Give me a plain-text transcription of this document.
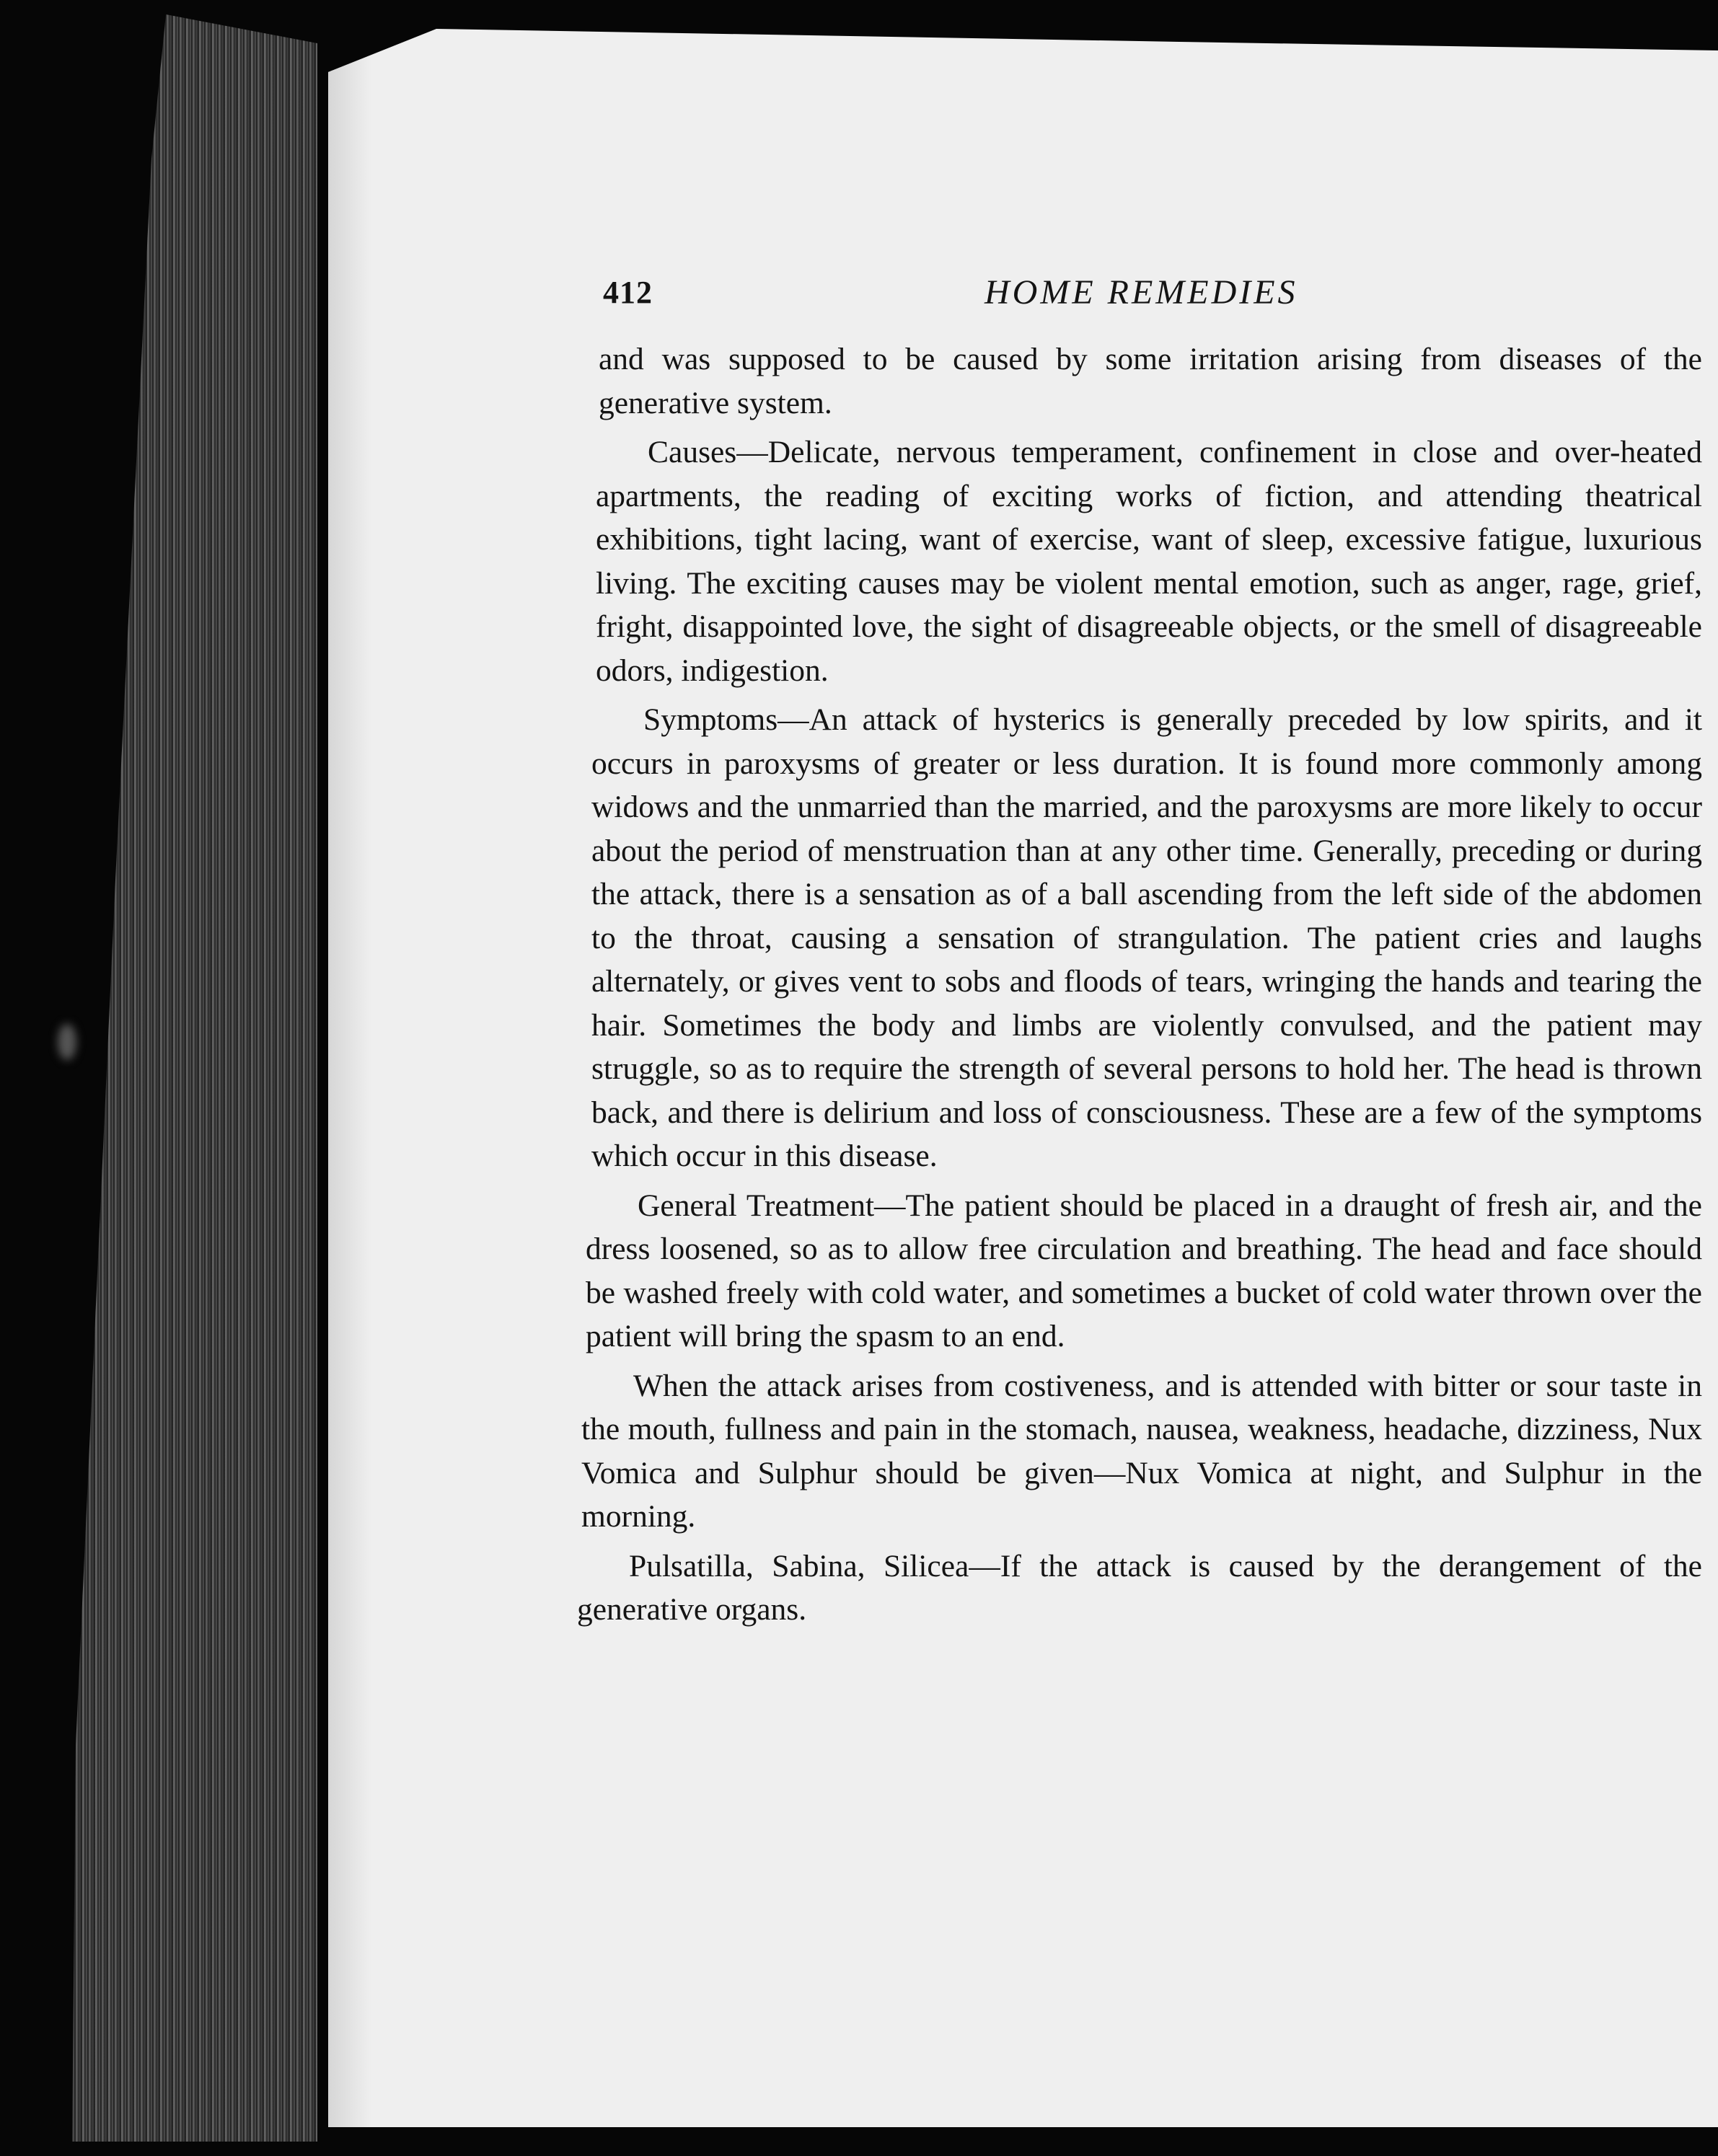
412	HOME REMEDIES

and was supposed to be caused by some irritation arising from diseases of the generative system.

Causes—Delicate, nervous temperament, confinement in close and over-heated apartments, the reading of exciting works of fiction, and attending theatrical exhibitions, tight lacing, want of exercise, want of sleep, excessive fatigue, luxurious living. The exciting causes may be violent mental emotion, such as anger, rage, grief, fright, disappointed love, the sight of disagreeable objects, or the smell of disagreeable odors, indigestion.

Symptoms—An attack of hysterics is generally preceded by low spirits, and it occurs in paroxysms of greater or less duration. It is found more commonly among widows and the unmarried than the married, and the paroxysms are more likely to occur about the period of menstruation than at any other time. Generally, preceding or during the attack, there is a sensation as of a ball ascending from the left side of the abdomen to the throat, causing a sensation of strangulation. The patient cries and laughs alternately, or gives vent to sobs and floods of tears, wringing the hands and tearing the hair. Sometimes the body and limbs are violently convulsed, and the patient may struggle, so as to require the strength of several persons to hold her. The head is thrown back, and there is delirium and loss of consciousness. These are a few of the symptoms which occur in this disease.

General Treatment—The patient should be placed in a draught of fresh air, and the dress loosened, so as to allow free circulation and breathing. The head and face should be washed freely with cold water, and sometimes a bucket of cold water thrown over the patient will bring the spasm to an end.

When the attack arises from costiveness, and is attended with bitter or sour taste in the mouth, fullness and pain in the stomach, nausea, weakness, headache, dizziness, Nux Vomica and Sulphur should be given—Nux Vomica at night, and Sulphur in the morning.

Pulsatilla, Sabina, Silicea—If the attack is caused by the derangement of the generative organs.
